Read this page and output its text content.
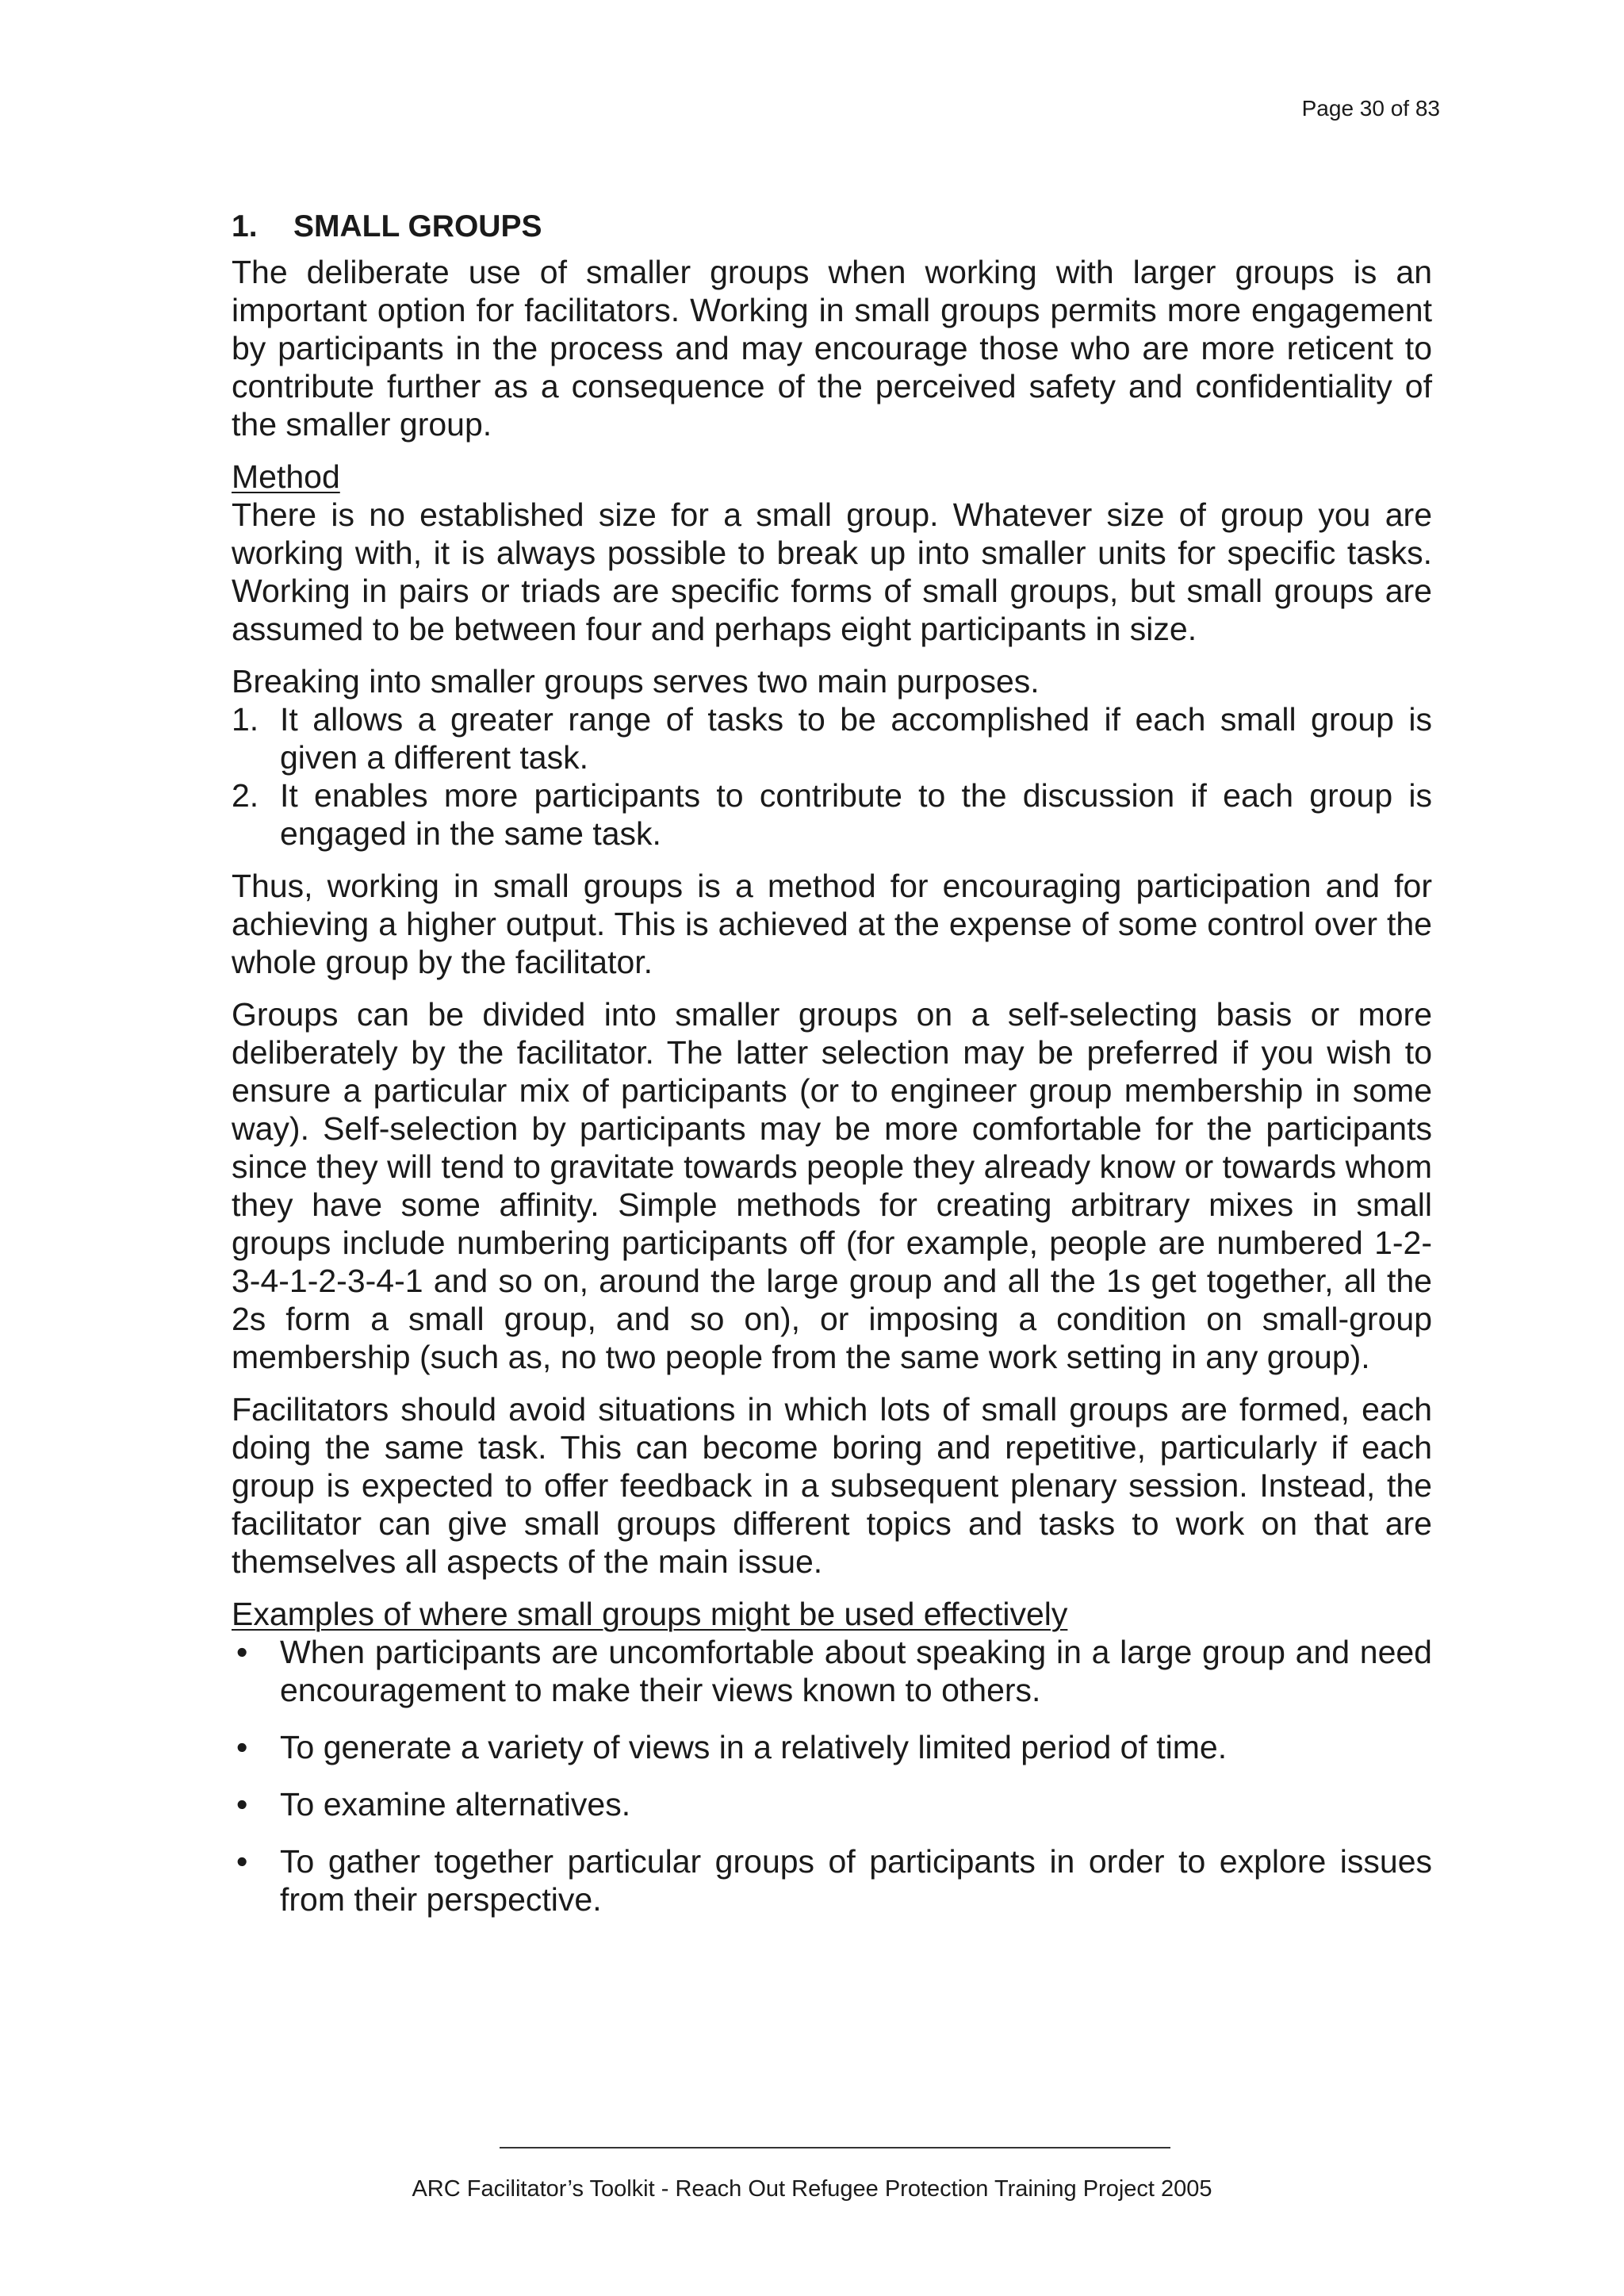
Page 30 of 83
1. SMALL GROUPS

The deliberate use of smaller groups when working with larger groups is an important option for facilitators. Working in small groups permits more engagement by participants in the process and may encourage those who are more reticent to contribute further as a consequence of the perceived safety and confidentiality of the smaller group.

Method

There is no established size for a small group. Whatever size of group you are working with, it is always possible to break up into smaller units for specific tasks. Working in pairs or triads are specific forms of small groups, but small groups are assumed to be between four and perhaps eight participants in size.

Breaking into smaller groups serves two main purposes.

1. It allows a greater range of tasks to be accomplished if each small group is given a different task.
2. It enables more participants to contribute to the discussion if each group is engaged in the same task.

Thus, working in small groups is a method for encouraging participation and for achieving a higher output. This is achieved at the expense of some control over the whole group by the facilitator.

Groups can be divided into smaller groups on a self-selecting basis or more deliberately by the facilitator. The latter selection may be preferred if you wish to ensure a particular mix of participants (or to engineer group membership in some way). Self-selection by participants may be more comfortable for the participants since they will tend to gravitate towards people they already know or towards whom they have some affinity. Simple methods for creating arbitrary mixes in small groups include numbering participants off (for example, people are numbered 1-2-3-4-1-2-3-4-1 and so on, around the large group and all the 1s get together, all the 2s form a small group, and so on), or imposing a condition on small-group membership (such as, no two people from the same work setting in any group).

Facilitators should avoid situations in which lots of small groups are formed, each doing the same task. This can become boring and repetitive, particularly if each group is expected to offer feedback in a subsequent plenary session. Instead, the facilitator can give small groups different topics and tasks to work on that are themselves all aspects of the main issue.

Examples of where small groups might be used effectively
• When participants are uncomfortable about speaking in a large group and need encouragement to make their views known to others.
• To generate a variety of views in a relatively limited period of time.
• To examine alternatives.
• To gather together particular groups of participants in order to explore issues from their perspective.
ARC Facilitator’s Toolkit - Reach Out Refugee Protection Training Project 2005
